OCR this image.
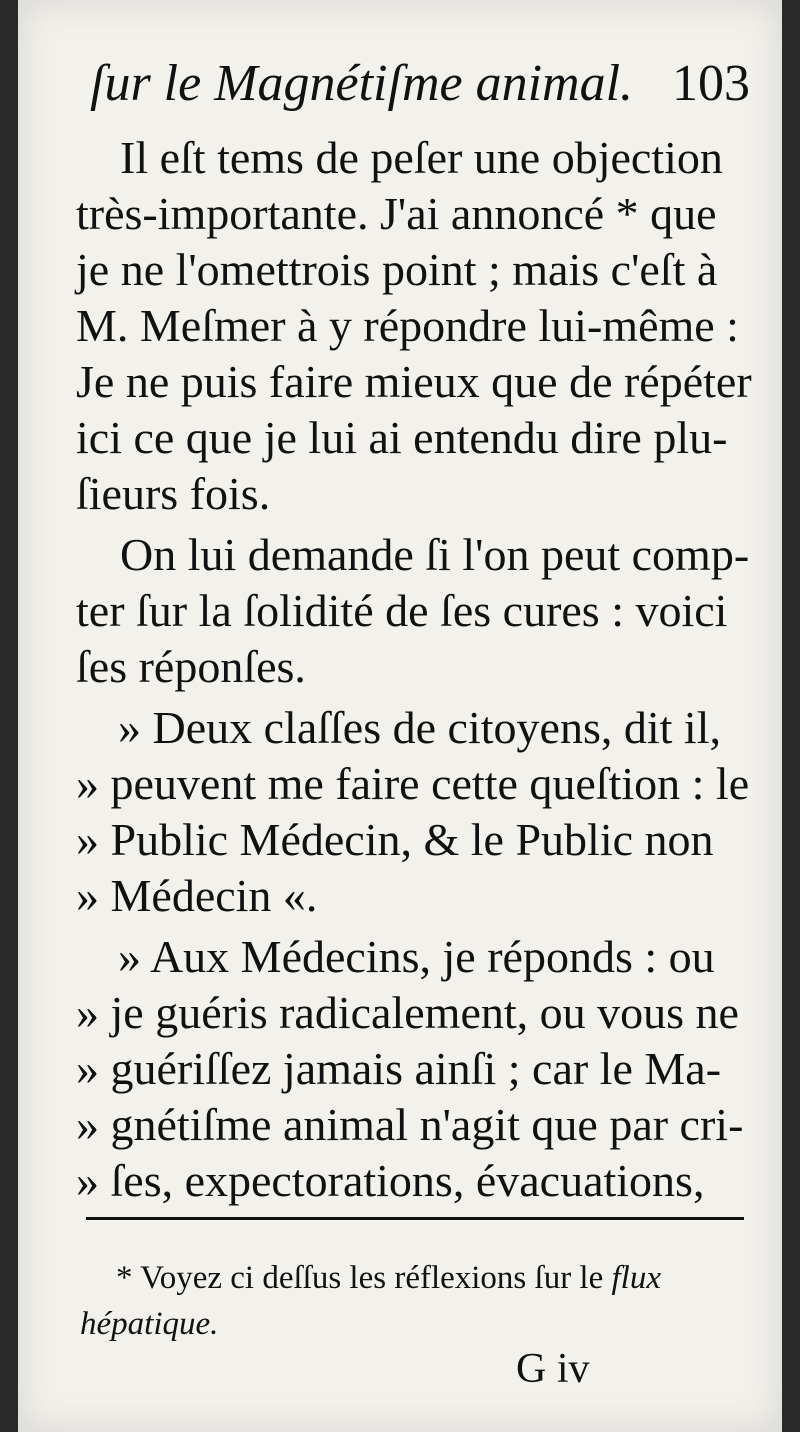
ſur le Magnétiſme animal. 103
Il eſt tems de peſer une objection
très-importante. J'ai annoncé * que
je ne l'omettrois point ; mais c'eſt à
M. Meſmer à y répondre lui-même :
Je ne puis faire mieux que de répéter
ici ce que je lui ai entendu dire plu-
ſieurs fois.
On lui demande ſi l'on peut comp-
ter ſur la ſolidité de ſes cures : voici
ſes réponſes.
» Deux claſſes de citoyens, dit il,
» peuvent me faire cette queſtion : le
» Public Médecin, & le Public non
» Médecin «.
» Aux Médecins, je réponds : ou
» je guéris radicalement, ou vous ne
» guériſſez jamais ainſi ; car le Ma-
» gnétiſme animal n'agit que par cri-
» ſes, expectorations, évacuations,
* Voyez ci deſſus les réflexions ſur le flux
hépatique.
G iv
